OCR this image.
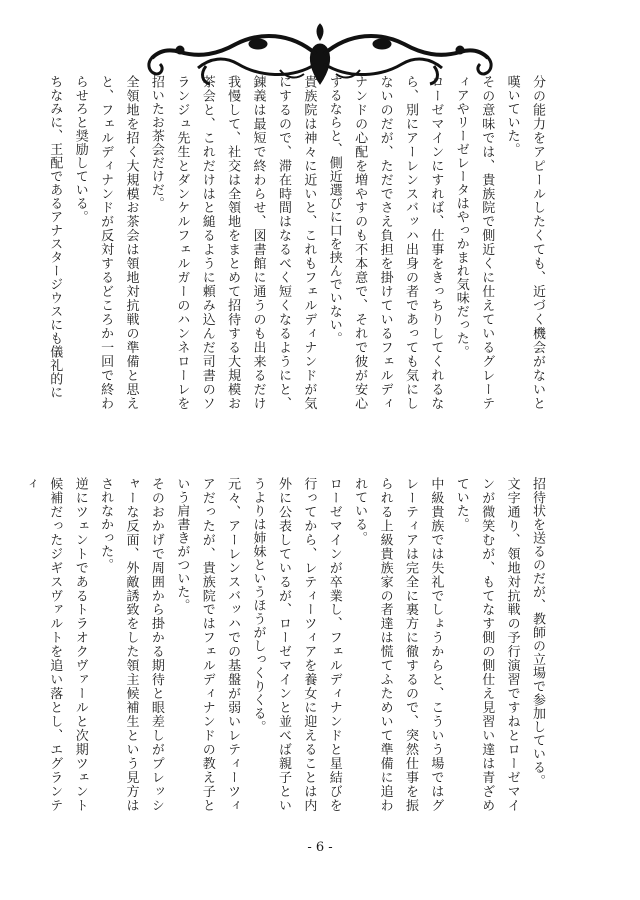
分の能力をアピールしたくても、近づく機会がないと嘆いていた。
その意味では、貴族院で側近くに仕えているグレーティアやリーゼレータはやっかまれ気味だった。
ローゼマインにすれば、仕事をきっちりしてくれるなら、別にアーレンスバッハ出身の者であっても気にしないのだが、ただでさえ負担を掛けているフェルディナンドの心配を増やすのも不本意で、それで彼が安心するならと、側近選びに口を挟んでいない。
貴族院は神々に近いと、これもフェルディナンドが気にするので、滞在時間はなるべく短くなるようにと、錬義は最短で終わらせ、図書館に通うのも出来るだけ我慢して、社交は全領地をまとめて招待する大規模お茶会と、これだけはと縋るように頼み込んだ司書のソランジュ先生とダンケルフェルガーのハンネローレを招いたお茶会だけだ。
全領地を招く大規模お茶会は領地対抗戦の準備と思えと、フェルディナンドが反対するどころか一回で終わらせろと奨励している。
ちなみに、王配であるアナスタージウスにも儀礼的に
招待状を送るのだが、教師の立場で参加している。
文字通り、領地対抗戦の予行演習ですねとローゼマインが微笑むが、もてなす側の側仕え見習い達は青ざめていた。
中級貴族では失礼でしょうからと、こういう場ではグレーティアは完全に裏方に徹するので、突然仕事を振られる上級貴族家の者達は慌てふためいて準備に追われている。
ローゼマインが卒業し、フェルディナンドと星結びを行ってから、レティーツィアを養女に迎えることは内外に公表しているが、ローゼマインと並べば親子というよりは姉妹というほうがしっくりくる。
元々、アーレンスバッハでの基盤が弱いレティーツィアだったが、貴族院ではフェルディナンドの教え子という肩書きがついた。
そのおかげで周囲から掛かる期待と眼差しがプレッシャーな反面、外敵誘致をした領主候補生という見方はされなかった。
逆にツェントであるトラオクヴァールと次期ツェント候補だったジギスヴァルトを追い落とし、エグランティ
- 6 -
